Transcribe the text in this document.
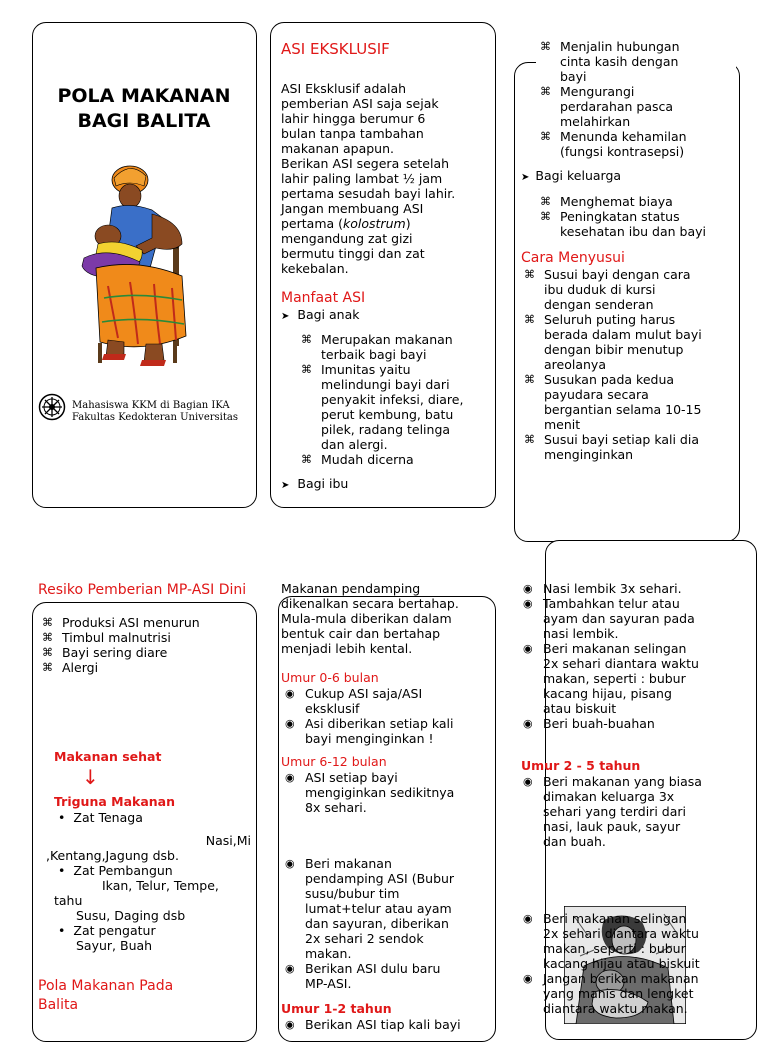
POLA MAKANAN
BAGI BALITA
Mahasiswa KKM di Bagian IKA
Fakultas Kedokteran Universitas
ASI EKSKLUSIF
ASI Eksklusif adalah
pemberian ASI saja sejak
lahir hingga berumur 6
bulan tanpa tambahan
makanan apapun.
Berikan ASI segera setelah
lahir paling lambat ½ jam
pertama sesudah bayi lahir.
Jangan membuang ASI
pertama (kolostrum)
mengandung zat gizi
bermutu tinggi dan zat
kekebalan.
Manfaat ASI
➤ Bagi anak
⌘ Merupakan makanan
terbaik bagi bayi
⌘ Imunitas yaitu
melindungi bayi dari
penyakit infeksi, diare,
perut kembung, batu
pilek, radang telinga
dan alergi.
⌘ Mudah dicerna
➤ Bagi ibu
⌘ Menjalin hubungan
cinta kasih dengan
bayi
⌘ Mengurangi
perdarahan pasca
melahirkan
⌘ Menunda kehamilan
(fungsi kontrasepsi)
➤ Bagi keluarga
⌘ Menghemat biaya
⌘ Peningkatan status
kesehatan ibu dan bayi
Cara Menyusui
⌘ Susui bayi dengan cara
ibu duduk di kursi
dengan senderan
⌘ Seluruh puting harus
berada dalam mulut bayi
dengan bibir menutup
areolanya
⌘ Susukan pada kedua
payudara secara
bergantian selama 10-15
menit
⌘ Susui bayi setiap kali dia
menginginkan
Resiko Pemberian MP-ASI Dini
⌘ Produksi ASI menurun
⌘ Timbul malnutrisi
⌘ Bayi sering diare
⌘ Alergi
Makanan sehat
↓
Triguna Makanan
• Zat Tenaga
Nasi,Mi
,Kentang,Jagung dsb.
• Zat Pembangun
Ikan, Telur, Tempe,
tahu
Susu, Daging dsb
• Zat pengatur
Sayur, Buah
Pola Makanan Pada
Balita
Makanan pendamping
dikenalkan secara bertahap.
Mula-mula diberikan dalam
bentuk cair dan bertahap
menjadi lebih kental.
Umur 0-6 bulan
◉ Cukup ASI saja/ASI
eksklusif
◉ Asi diberikan setiap kali
bayi menginginkan !
Umur 6-12 bulan
◉ ASI setiap bayi
mengiginkan sedikitnya
8x sehari.
◉ Beri makanan
pendamping ASI (Bubur
susu/bubur tim
lumat+telur atau ayam
dan sayuran, diberikan
2x sehari 2 sendok
makan.
◉ Berikan ASI dulu baru
MP-ASI.
Umur 1-2 tahun
◉ Berikan ASI tiap kali bayi
◉ Nasi lembik 3x sehari.
◉ Tambahkan telur atau
ayam dan sayuran pada
nasi lembik.
◉ Beri makanan selingan
2x sehari diantara waktu
makan, seperti : bubur
kacang hijau, pisang
atau biskuit
◉ Beri buah-buahan
Umur 2 - 5 tahun
◉ Beri makanan yang biasa
dimakan keluarga 3x
sehari yang terdiri dari
nasi, lauk pauk, sayur
dan buah.
◉ Beri makanan selingan
2x sehari diantara waktu
makan, seperti : bubur
kacang hijau atau biskuit
◉ Jangan berikan makanan
yang manis dan lengket
diantara waktu makan.
